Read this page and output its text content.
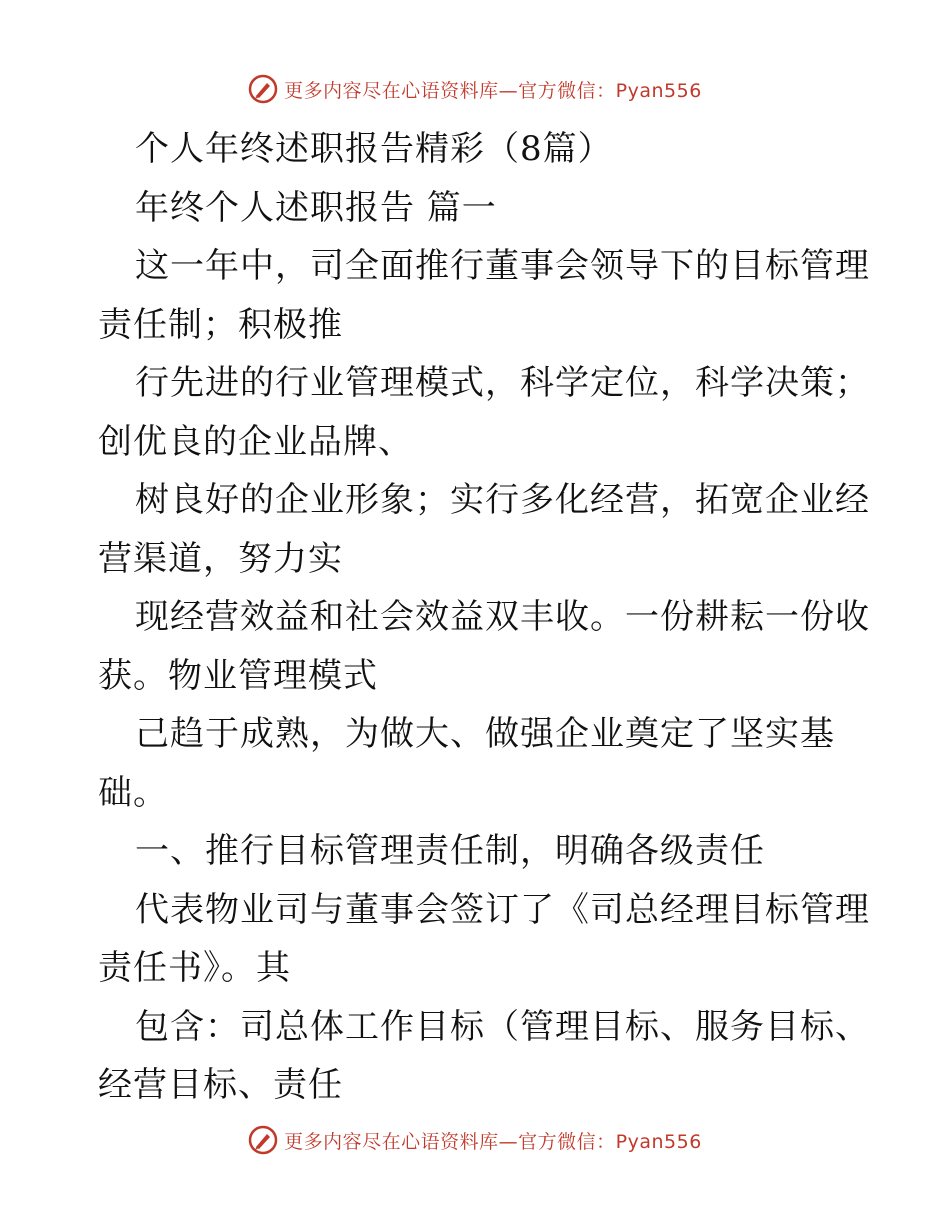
更多内容尽在心语资料库—官方微信：Pyan556
个人年终述职报告精彩（8篇）
年终个人述职报告 篇一
这一年中，司全面推行董事会领导下的目标管理
责任制；积极推
行先进的行业管理模式，科学定位，科学决策；
创优良的企业品牌、
树良好的企业形象；实行多化经营，拓宽企业经
营渠道，努力实
现经营效益和社会效益双丰收。一份耕耘一份收
获。物业管理模式
己趋于成熟，为做大、做强企业奠定了坚实基
础。
一、推行目标管理责任制，明确各级责任
代表物业司与董事会签订了《司总经理目标管理
责任书》。其
包含：司总体工作目标（管理目标、服务目标、
经营目标、责任
更多内容尽在心语资料库—官方微信：Pyan556
